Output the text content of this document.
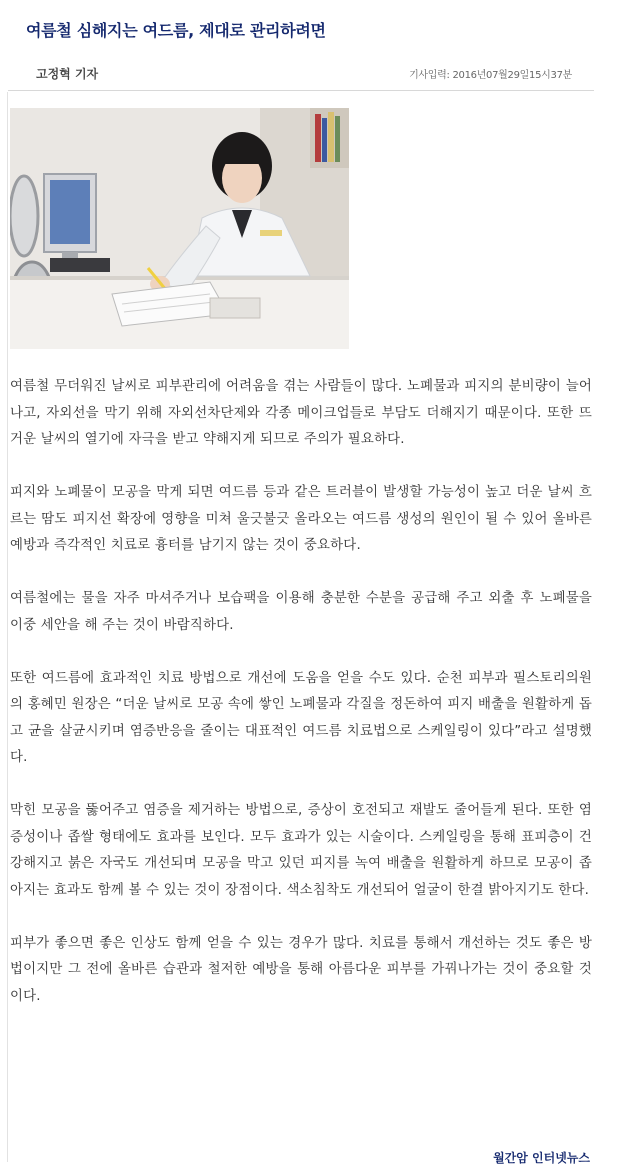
여름철 심해지는 여드름, 제대로 관리하려면
고정혁 기자	기사입력: 2016년07월29일15시37분

여름철 무더워진 날씨로 피부관리에 어려움을 겪는 사람들이 많다. 노폐물과 피지의 분비량이 늘어나고, 자외선을 막기 위해 자외선차단제와 각종 메이크업들로 부담도 더해지기 때문이다. 또한 뜨거운 날씨의 열기에 자극을 받고 약해지게 되므로 주의가 필요하다.

피지와 노폐물이 모공을 막게 되면 여드름 등과 같은 트러블이 발생할 가능성이 높고 더운 날씨 흐르는 땀도 피지선 확장에 영향을 미쳐 울긋불긋 올라오는 여드름 생성의 원인이 될 수 있어 올바른 예방과 즉각적인 치료로 흉터를 남기지 않는 것이 중요하다.

여름철에는 물을 자주 마셔주거나 보습팩을 이용해 충분한 수분을 공급해 주고 외출 후 노폐물을 이중 세안을 해 주는 것이 바람직하다.

또한 여드름에 효과적인 치료 방법으로 개선에 도움을 얻을 수도 있다. 순천 피부과 필스토리의원의 홍혜민 원장은 “더운 날씨로 모공 속에 쌓인 노폐물과 각질을 정돈하여 피지 배출을 원활하게 돕고 균을 살균시키며 염증반응을 줄이는 대표적인 여드름 치료법으로 스케일링이 있다”라고 설명했다.

막힌 모공을 뚫어주고 염증을 제거하는 방법으로, 증상이 호전되고 재발도 줄어들게 된다. 또한 염증성이나 좁쌀 형태에도 효과를 보인다. 모두 효과가 있는 시술이다. 스케일링을 통해 표피층이 건강해지고 붉은 자국도 개선되며 모공을 막고 있던 피지를 녹여 배출을 원활하게 하므로 모공이 좁아지는 효과도 함께 볼 수 있는 것이 장점이다. 색소침착도 개선되어 얼굴이 한결 밝아지기도 한다.

피부가 좋으면 좋은 인상도 함께 얻을 수 있는 경우가 많다. 치료를 통해서 개선하는 것도 좋은 방법이지만 그 전에 올바른 습관과 철저한 예방을 통해 아름다운 피부를 가꿔나가는 것이 중요할 것이다.

월간암 인터넷뉴스
